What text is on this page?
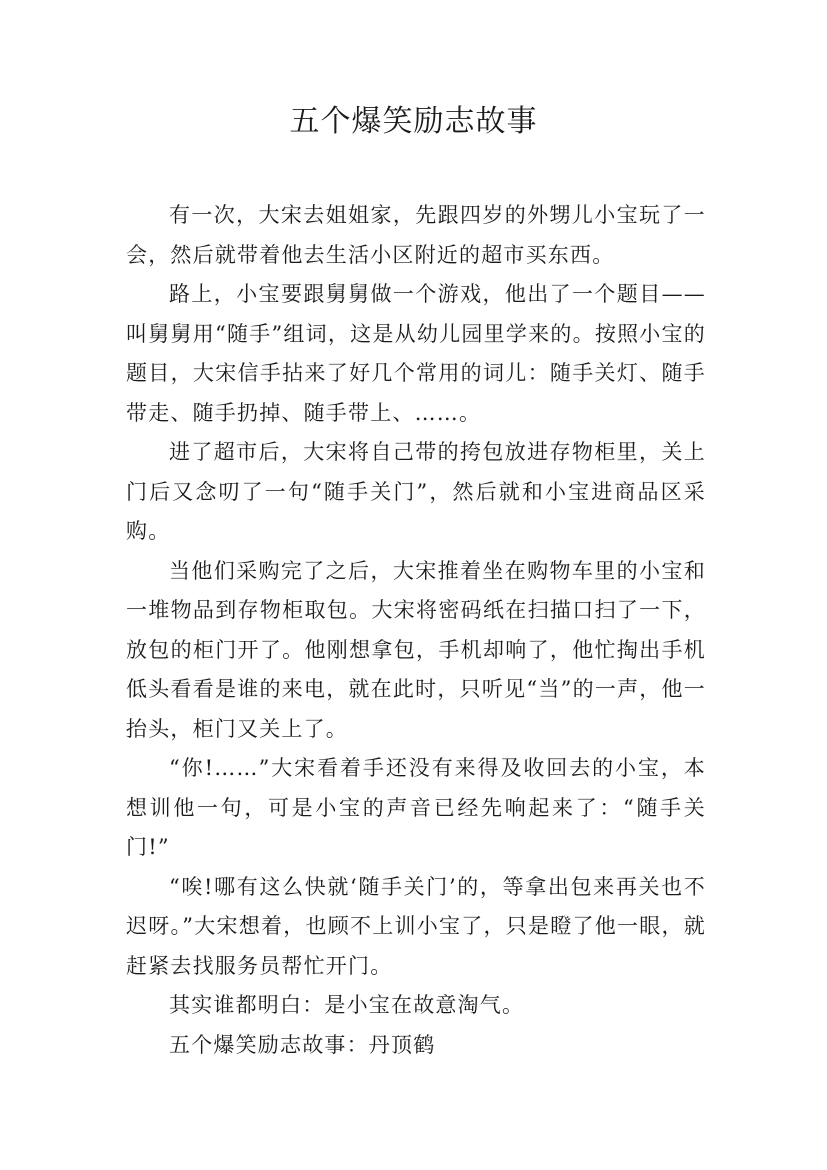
五个爆笑励志故事

有一次，大宋去姐姐家，先跟四岁的外甥儿小宝玩了一会，然后就带着他去生活小区附近的超市买东西。

路上，小宝要跟舅舅做一个游戏，他出了一个题目——叫舅舅用“随手”组词，这是从幼儿园里学来的。按照小宝的题目，大宋信手拈来了好几个常用的词儿：随手关灯、随手带走、随手扔掉、随手带上、……。

进了超市后，大宋将自己带的挎包放进存物柜里，关上门后又念叨了一句“随手关门”，然后就和小宝进商品区采购。

当他们采购完了之后，大宋推着坐在购物车里的小宝和一堆物品到存物柜取包。大宋将密码纸在扫描口扫了一下，放包的柜门开了。他刚想拿包，手机却响了，他忙掏出手机低头看看是谁的来电，就在此时，只听见“当”的一声，他一抬头，柜门又关上了。

“你!……”大宋看着手还没有来得及收回去的小宝，本想训他一句，可是小宝的声音已经先响起来了：“随手关门!”

“唉!哪有这么快就‘随手关门’的，等拿出包来再关也不迟呀。”大宋想着，也顾不上训小宝了，只是瞪了他一眼，就赶紧去找服务员帮忙开门。

其实谁都明白：是小宝在故意淘气。

五个爆笑励志故事：丹顶鹤
